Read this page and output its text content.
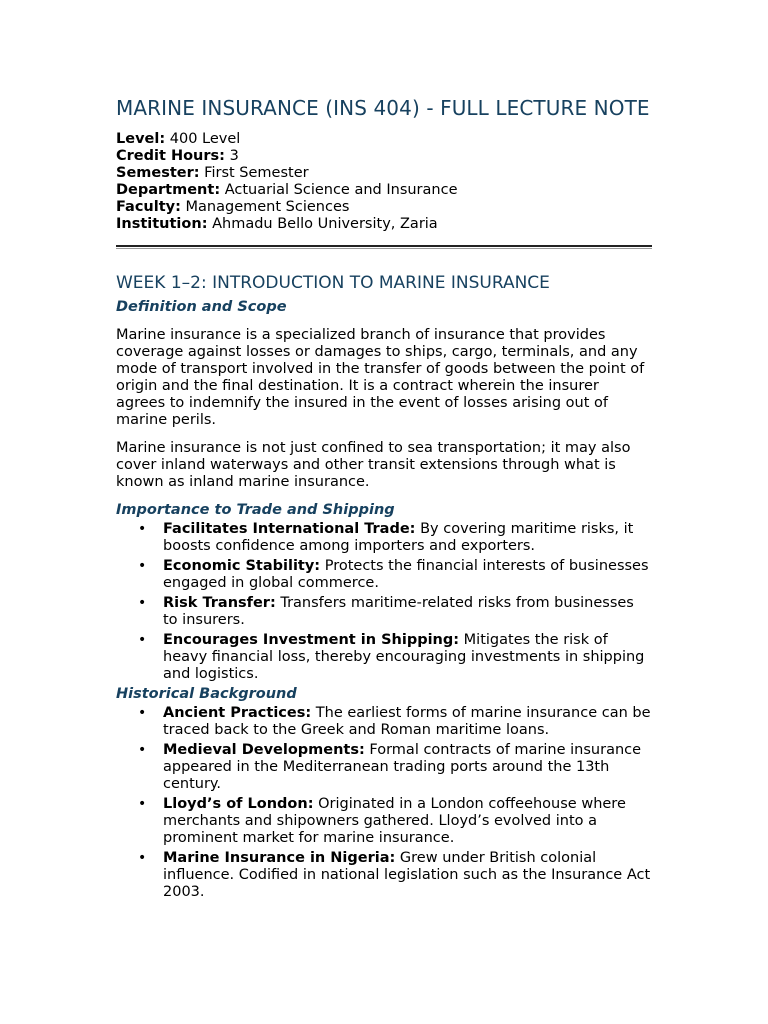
MARINE INSURANCE (INS 404) - FULL LECTURE NOTE
Level: 400 Level
Credit Hours: 3
Semester: First Semester
Department: Actuarial Science and Insurance
Faculty: Management Sciences
Institution: Ahmadu Bello University, Zaria
WEEK 1–2: INTRODUCTION TO MARINE INSURANCE
Definition and Scope

Marine insurance is a specialized branch of insurance that provides coverage against losses or damages to ships, cargo, terminals, and any mode of transport involved in the transfer of goods between the point of origin and the final destination. It is a contract wherein the insurer agrees to indemnify the insured in the event of losses arising out of marine perils.

Marine insurance is not just confined to sea transportation; it may also cover inland waterways and other transit extensions through what is known as inland marine insurance.

Importance to Trade and Shipping
• Facilitates International Trade: By covering maritime risks, it boosts confidence among importers and exporters.
• Economic Stability: Protects the financial interests of businesses engaged in global commerce.
• Risk Transfer: Transfers maritime-related risks from businesses to insurers.
• Encourages Investment in Shipping: Mitigates the risk of heavy financial loss, thereby encouraging investments in shipping and logistics.
Historical Background
• Ancient Practices: The earliest forms of marine insurance can be traced back to the Greek and Roman maritime loans.
• Medieval Developments: Formal contracts of marine insurance appeared in the Mediterranean trading ports around the 13th century.
• Lloyd’s of London: Originated in a London coffeehouse where merchants and shipowners gathered. Lloyd’s evolved into a prominent market for marine insurance.
• Marine Insurance in Nigeria: Grew under British colonial influence. Codified in national legislation such as the Insurance Act 2003.
